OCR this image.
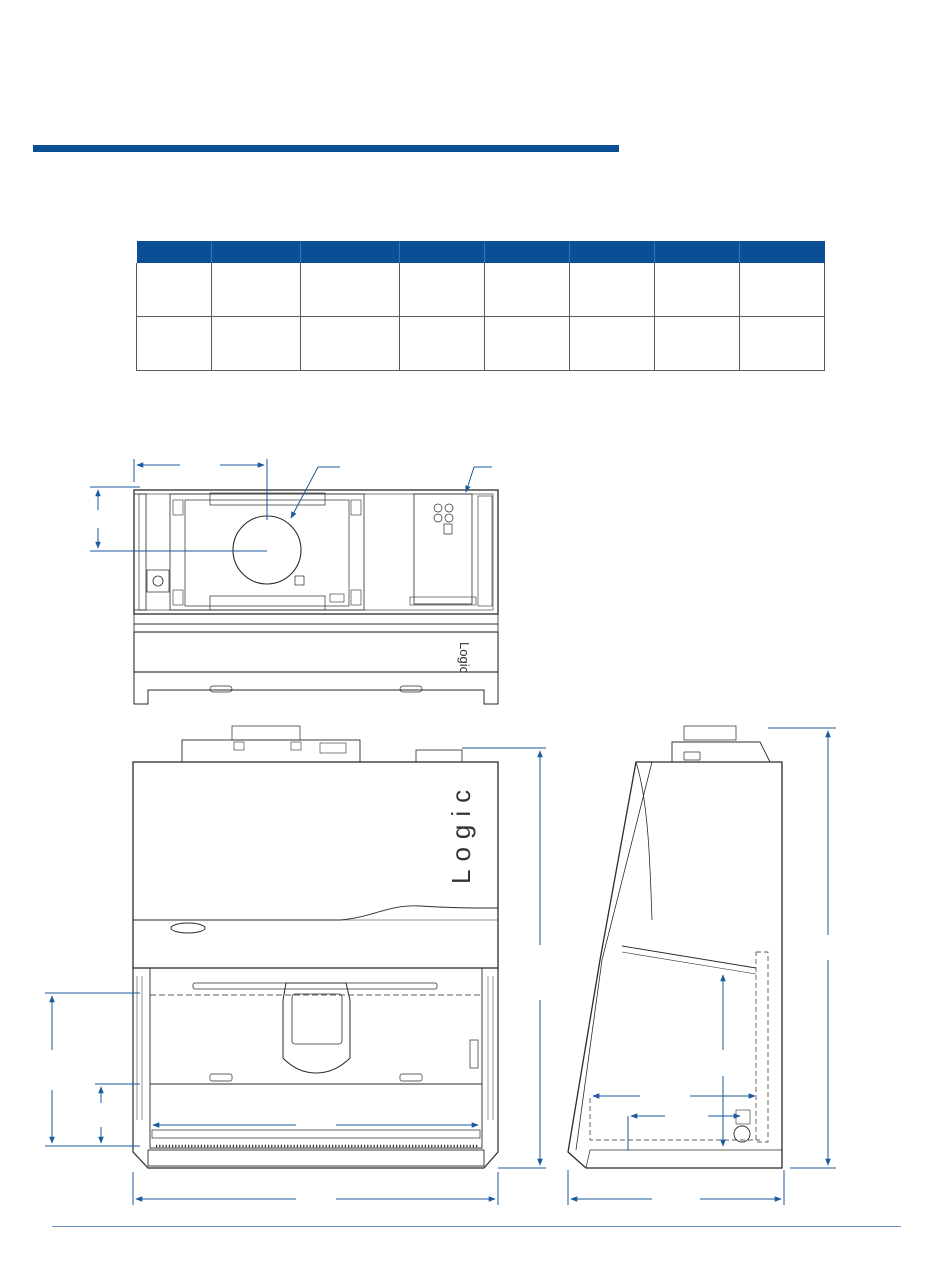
Logic
Logic
